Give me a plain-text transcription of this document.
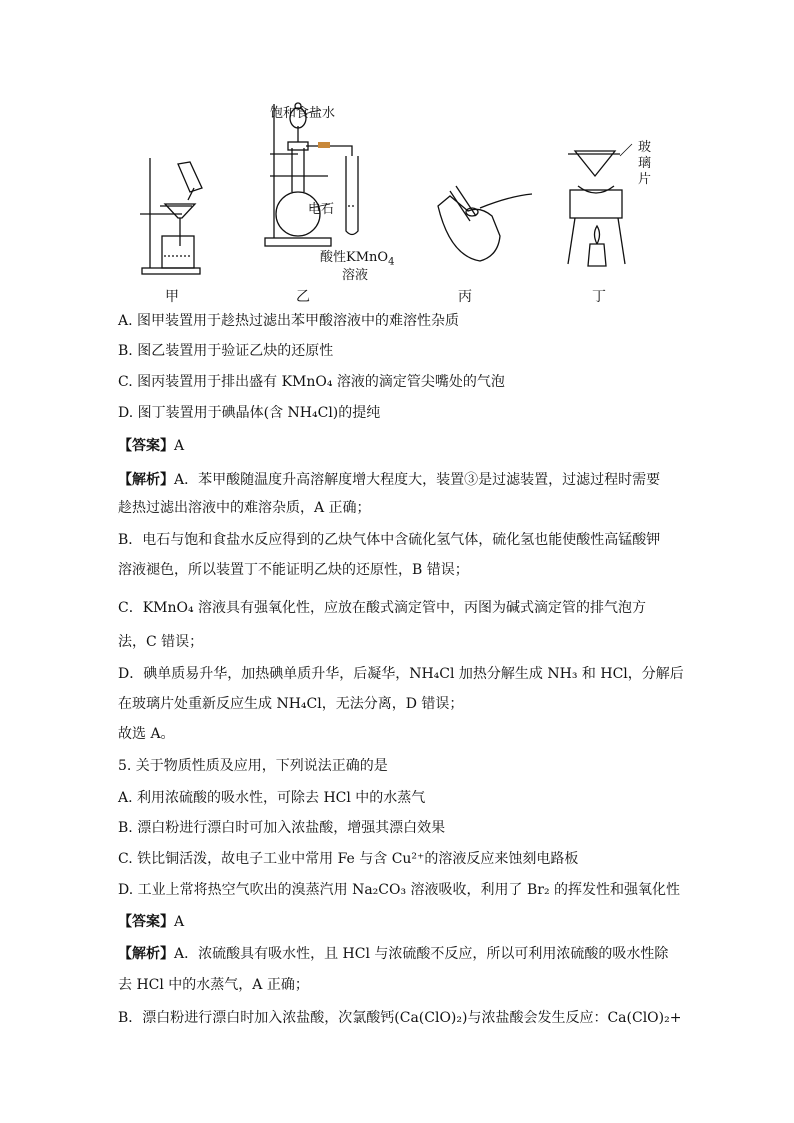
饱和食盐水
电石
酸性KMnO$_4$
溶液
玻
璃
片
甲	乙	丙	丁
A. 图甲装置用于趁热过滤出苯甲酸溶液中的难溶性杂质
B. 图乙装置用于验证乙炔的还原性
C. 图丙装置用于排出盛有 KMnO₄ 溶液的滴定管尖嘴处的气泡
D. 图丁装置用于碘晶体(含 NH₄Cl)的提纯
【答案】A
【解析】A．苯甲酸随温度升高溶解度增大程度大，装置③是过滤装置，过滤过程时需要
趁热过滤出溶液中的难溶杂质，A 正确；
B．电石与饱和食盐水反应得到的乙炔气体中含硫化氢气体，硫化氢也能使酸性高锰酸钾
溶液褪色，所以装置丁不能证明乙炔的还原性，B 错误；
C．KMnO₄ 溶液具有强氧化性，应放在酸式滴定管中，丙图为碱式滴定管的排气泡方
法，C 错误；
D．碘单质易升华，加热碘单质升华，后凝华，NH₄Cl 加热分解生成 NH₃ 和 HCl，分解后
在玻璃片处重新反应生成 NH₄Cl，无法分离，D 错误；
故选 A。
5. 关于物质性质及应用，下列说法正确的是
A. 利用浓硫酸的吸水性，可除去 HCl 中的水蒸气
B. 漂白粉进行漂白时可加入浓盐酸，增强其漂白效果
C. 铁比铜活泼，故电子工业中常用 Fe 与含 Cu²⁺的溶液反应来蚀刻电路板
D. 工业上常将热空气吹出的溴蒸汽用 Na₂CO₃ 溶液吸收，利用了 Br₂ 的挥发性和强氧化性
【答案】A
【解析】A．浓硫酸具有吸水性，且 HCl 与浓硫酸不反应，所以可利用浓硫酸的吸水性除
去 HCl 中的水蒸气，A 正确；
B．漂白粉进行漂白时加入浓盐酸，次氯酸钙(Ca(ClO)₂)与浓盐酸会发生反应：Ca(ClO)₂+
